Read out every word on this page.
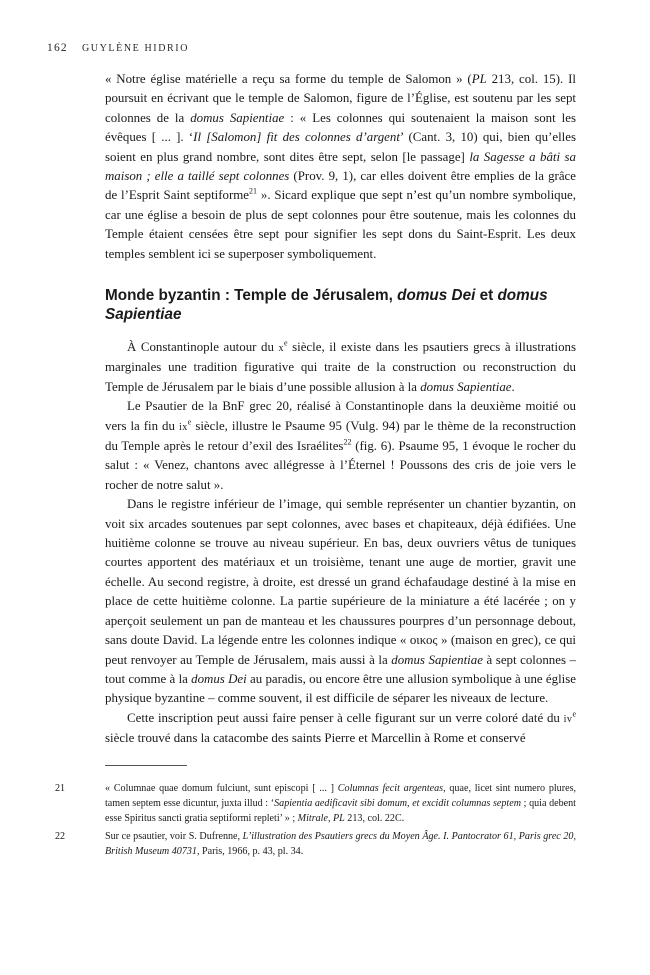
162 GUYLÈNE HIDRIO

« Notre église matérielle a reçu sa forme du temple de Salomon » (PL 213, col. 15). Il poursuit en écrivant que le temple de Salomon, figure de l’Église, est soutenu par les sept colonnes de la domus Sapientiae : « Les colonnes qui soutenaient la maison sont les évêques [ ... ]. ‘Il [Salomon] fit des colonnes d’argent’ (Cant. 3, 10) qui, bien qu’elles soient en plus grand nombre, sont dites être sept, selon [le passage] la Sagesse a bâti sa maison ; elle a taillé sept colonnes (Prov. 9, 1), car elles doivent être emplies de la grâce de l’Esprit Saint septiforme$^{21}$ ». Sicard explique que sept n’est qu’un nombre symbolique, car une église a besoin de plus de sept colonnes pour être soutenue, mais les colonnes du Temple étaient censées être sept pour signifier les sept dons du Saint-Esprit. Les deux temples semblent ici se superposer symboliquement.

Monde byzantin : Temple de Jérusalem, domus Dei et domus Sapientiae

À Constantinople autour du $x^e$ siècle, il existe dans les psautiers grecs à illustrations marginales une tradition figurative qui traite de la construction ou reconstruction du Temple de Jérusalem par le biais d’une possible allusion à la domus Sapientiae.

Le Psautier de la BnF grec 20, réalisé à Constantinople dans la deuxième moitié ou vers la fin du $ix^e$ siècle, illustre le Psaume 95 (Vulg. 94) par le thème de la reconstruction du Temple après le retour d’exil des Israélites$^{22}$ (fig. 6). Psaume 95, 1 évoque le rocher du salut : « Venez, chantons avec allégresse à l’Éternel ! Poussons des cris de joie vers le rocher de notre salut ».

Dans le registre inférieur de l’image, qui semble représenter un chantier byzantin, on voit six arcades soutenues par sept colonnes, avec bases et chapiteaux, déjà édifiées. Une huitième colonne se trouve au niveau supérieur. En bas, deux ouvriers vêtus de tuniques courtes apportent des matériaux et un troisième, tenant une auge de mortier, gravit une échelle. Au second registre, à droite, est dressé un grand échafaudage destiné à la mise en place de cette huitième colonne. La partie supérieure de la miniature a été lacérée ; on y aperçoit seulement un pan de manteau et les chaussures pourpres d’un personnage debout, sans doute David. La légende entre les colonnes indique « οικος » (maison en grec), ce qui peut renvoyer au Temple de Jérusalem, mais aussi à la domus Sapientiae à sept colonnes – tout comme à la domus Dei au paradis, ou encore être une allusion symbolique à une église physique byzantine – comme souvent, il est difficile de séparer les niveaux de lecture.

Cette inscription peut aussi faire penser à celle figurant sur un verre coloré daté du $iv^e$ siècle trouvé dans la catacombe des saints Pierre et Marcellin à Rome et conservé

21	« Columnae quae domum fulciunt, sunt episcopi [ ... ] Columnas fecit argenteas, quae, licet sint numero plures, tamen septem esse dicuntur, juxta illud : ‘Sapientia aedificavit sibi domum, et excidit columnas septem ; quia debent esse Spiritus sancti gratia septiformi repleti’ » ; Mitrale, PL 213, col. 22C.
22	Sur ce psautier, voir S. Dufrenne, L’illustration des Psautiers grecs du Moyen Âge. I. Pantocrator 61, Paris grec 20, British Museum 40731, Paris, 1966, p. 43, pl. 34.
